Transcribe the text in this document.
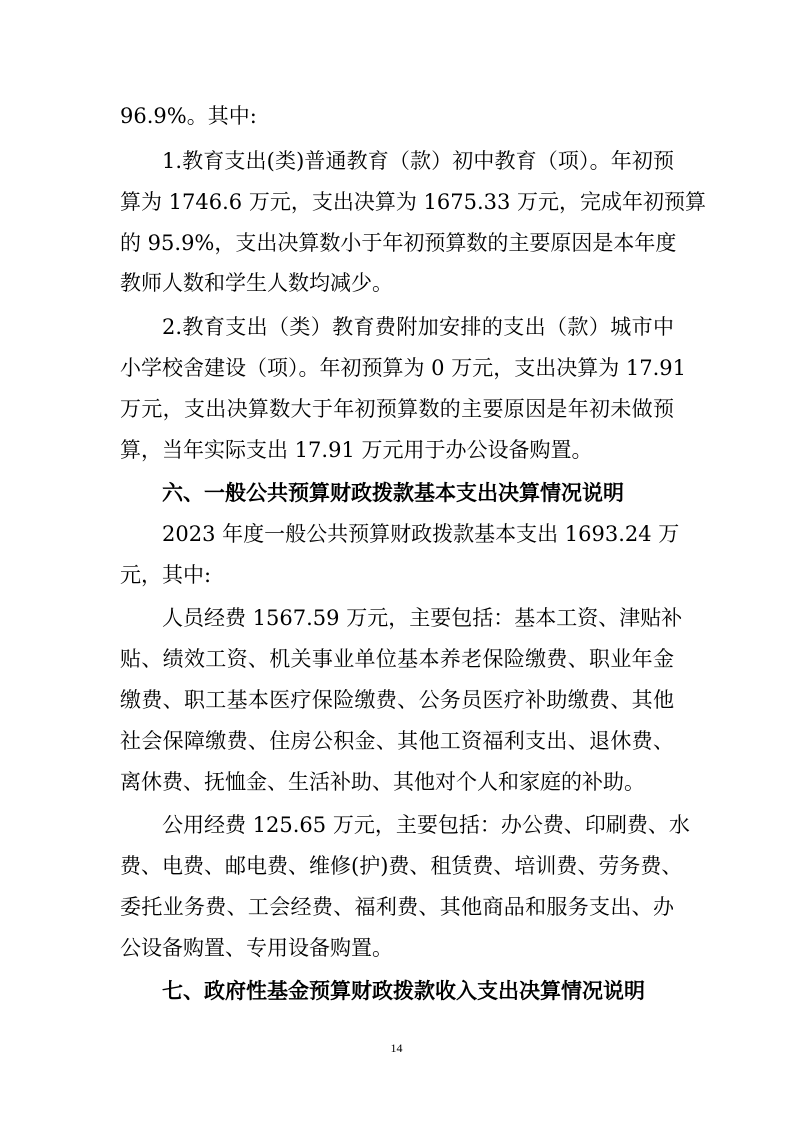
96.9%。其中:
1.教育支出(类)普通教育（款）初中教育（项）。年初预
算为 1746.6 万元，支出决算为 1675.33 万元，完成年初预算
的 95.9%，支出决算数小于年初预算数的主要原因是本年度
教师人数和学生人数均减少。
2.教育支出（类）教育费附加安排的支出（款）城市中
小学校舍建设（项）。年初预算为 0 万元，支出决算为 17.91
万元，支出决算数大于年初预算数的主要原因是年初未做预
算，当年实际支出 17.91 万元用于办公设备购置。
六、一般公共预算财政拨款基本支出决算情况说明
2023 年度一般公共预算财政拨款基本支出 1693.24 万
元，其中:
人员经费 1567.59 万元，主要包括：基本工资、津贴补
贴、绩效工资、机关事业单位基本养老保险缴费、职业年金
缴费、职工基本医疗保险缴费、公务员医疗补助缴费、其他
社会保障缴费、住房公积金、其他工资福利支出、退休费、
离休费、抚恤金、生活补助、其他对个人和家庭的补助。
公用经费 125.65 万元，主要包括：办公费、印刷费、水
费、电费、邮电费、维修(护)费、租赁费、培训费、劳务费、
委托业务费、工会经费、福利费、其他商品和服务支出、办
公设备购置、专用设备购置。
七、政府性基金预算财政拨款收入支出决算情况说明
14
